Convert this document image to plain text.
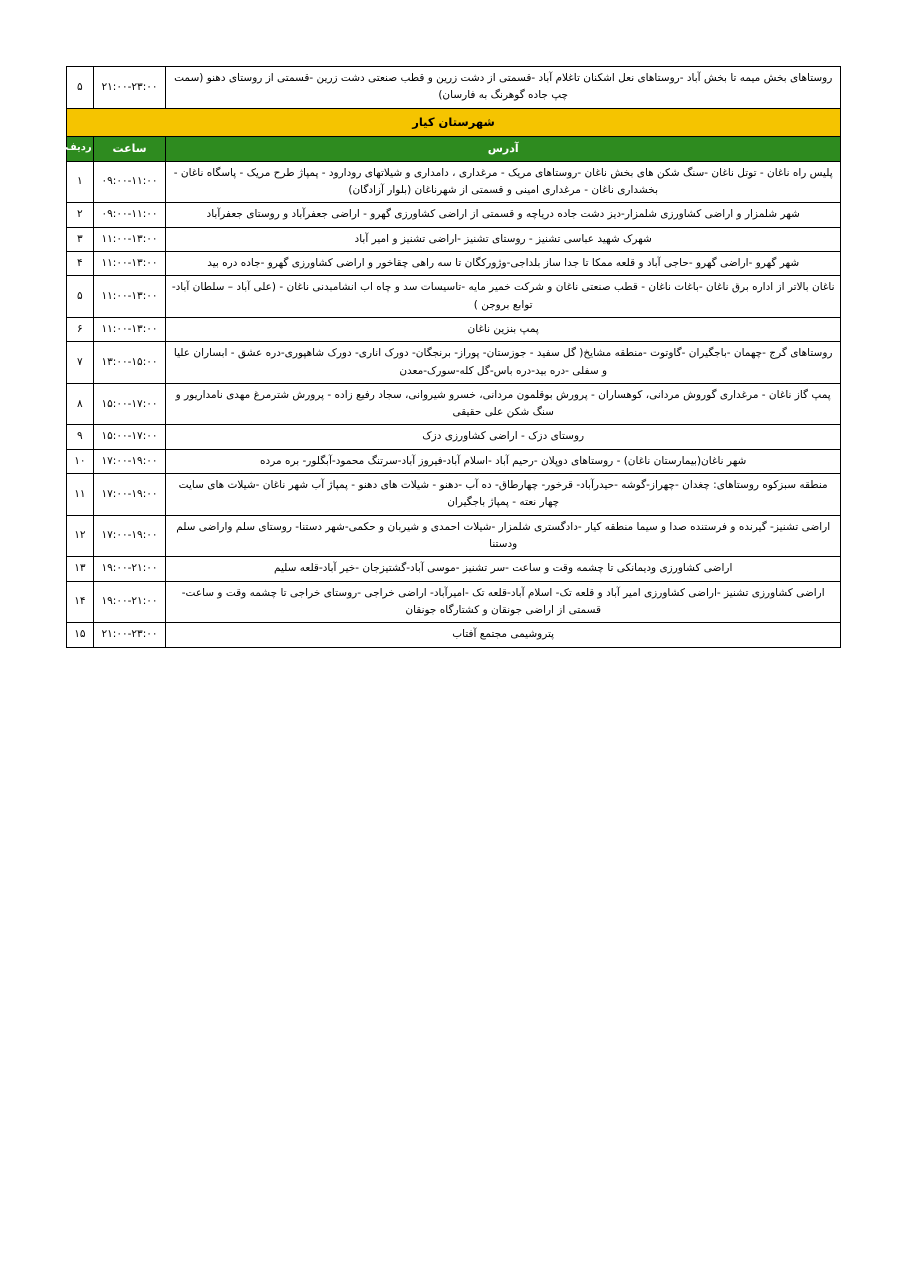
روستاهای بخش میمه تا بخش آباد -روستاهای نعل اشکنان تاغلام آباد -قسمتی از دشت زرین و قطب صنعتی دشت زرین -قسمتی از روستای دهنو (سمت چپ جاده گوهرنگ به فارسان)	۲۱:۰۰-۲۳:۰۰	۵
شهرستان کیار		
آدرس	ساعت	ردیف
پلیس راه ناغان - توتل ناغان -سنگ شکن های بخش ناغان -روستاهای مریک - مرغداری ، دامداری و شیلاتهای رودارود - پمپاژ طرح مریک - پاسگاه ناغان - بخشداری ناغان - مرغداری امینی و قسمتی از شهرناغان (بلوار آزادگان)	۰۹:۰۰-۱۱:۰۰	۱
شهر شلمزار و اراضی کشاورزی شلمزار-دیز دشت جاده دریاچه و قسمتی از اراضی کشاورزی گهرو - اراضی جعفرآباد و روستای جعفرآباد	۰۹:۰۰-۱۱:۰۰	۲
شهرک شهید عباسی تشنیز - روستای تشنیز -اراضی تشنیز و امیر آباد	۱۱:۰۰-۱۳:۰۰	۳
شهر گهرو -اراضی گهرو -حاجی آباد و قلعه ممکا تا جدا ساز بلداجی-وژورکگان تا سه راهی چقاخور و اراضی کشاورزی گهرو -جاده دره بید	۱۱:۰۰-۱۳:۰۰	۴
ناغان بالاتر از اداره برق ناغان -باغات ناغان - قطب صنعتی ناغان و شرکت خمیر مایه -تاسیسات سد و چاه اب انشامبدنی ناغان - (علی آباد – سلطان آباد-توابع بروجن )	۱۱:۰۰-۱۳:۰۰	۵
پمپ بنزین ناغان	۱۱:۰۰-۱۳:۰۰	۶
روستاهای گرج -چهمان -باجگیران -گاوتوت -منطقه مشایخ( گل سفید - جوزستان- پوراز- برنجگان- دورک اناری- دورک شاهپوری-دره عشق - ابساران علیا و سفلی -دره بید-دره باس-گل کله-سورک-معدن	۱۳:۰۰-۱۵:۰۰	۷
پمپ گاز ناغان - مرغداری گوروش مردانی، کوهساران - پرورش بوقلمون مردانی، خسرو شیروانی، سجاد رفیع زاده - پرورش شترمرغ مهدی نامداریور و سنگ شکن علی حقیقی	۱۵:۰۰-۱۷:۰۰	۸
روستای دزک - اراضی کشاورزی دزک	۱۵:۰۰-۱۷:۰۰	۹
شهر ناغان(بیمارستان ناغان) - روستاهای دوپلان -رحیم آباد -اسلام آباد-فیروز آباد-سرتنگ محمود-آبگلور- بره مرده	۱۷:۰۰-۱۹:۰۰	۱۰
منطقه سبزکوه روستاهای: چغدان -چهراز-گوشه -حیدرآباد- قرخور- چهارطاق- ده آب -دهنو - شیلات های دهنو - پمپاژ آب شهر ناغان -شیلات های سایت چهار نعته - پمپاژ باجگیران	۱۷:۰۰-۱۹:۰۰	۱۱
اراضی تشنیز- گیرنده و فرستنده صدا و سیما منطقه کیار -دادگستری شلمزار -شیلات احمدی و شیربان و حکمی-شهر دستنا- روستای سلم واراضی سلم ودستنا	۱۷:۰۰-۱۹:۰۰	۱۲
اراضی کشاورزی ودیمانکی تا چشمه وقت و ساعت -سر تشنیز -موسی آباد-گشتیزجان -خیر آباد-قلعه سلیم	۱۹:۰۰-۲۱:۰۰	۱۳
اراضی کشاورزی تشنیز -اراضی کشاورزی امیر آباد و قلعه تک- اسلام آباد-قلعه تک -امیرآباد- اراضی خراجی -روستای خراجی تا چشمه وقت و ساعت- قسمتی از اراضی جونقان و کشتارگاه جونقان	۱۹:۰۰-۲۱:۰۰	۱۴
پتروشیمی مجتمع آفتاب	۲۱:۰۰-۲۳:۰۰	۱۵
